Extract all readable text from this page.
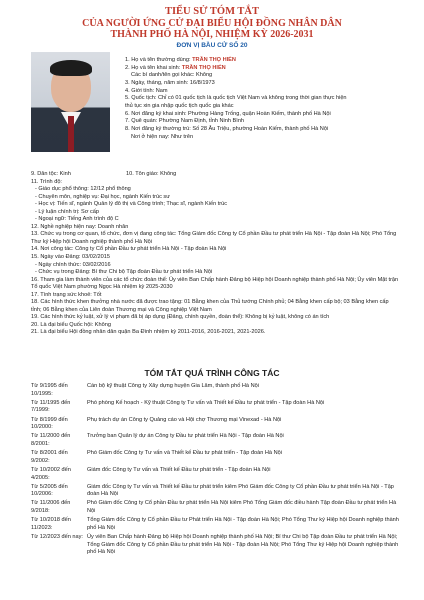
TIỂU SỬ TÓM TẮT
CỦA NGƯỜI ỨNG CỬ ĐẠI BIỂU HỘI ĐỒNG NHÂN DÂN
THÀNH PHỐ HÀ NỘI, NHIỆM KỲ 2026-2031
ĐƠN VỊ BẦU CỬ SỐ 20
1. Họ và tên thường dùng: TRẦN THỌ HIỂN
2. Họ và tên khai sinh: TRẦN THỌ HIỂN
Các bí danh/tên gọi khác: Không
3. Ngày, tháng, năm sinh: 16/8/1973
4. Giới tính: Nam
5. Quốc tịch: Chỉ có 01 quốc tịch là quốc tịch Việt Nam và không trong thời gian thực hiện
thủ tục xin gia nhập quốc tịch quốc gia khác
6. Nơi đăng ký khai sinh: Phường Hàng Trống, quận Hoàn Kiếm, thành phố Hà Nội
7. Quê quán: Phường Nam Định, tỉnh Ninh Bình
8. Nơi đăng ký thường trú: Số 28 Âu Triệu, phường Hoàn Kiếm, thành phố Hà Nội
Nơi ở hiện nay: Như trên
9. Dân tộc: Kinh	10. Tôn giáo: Không
11. Trình độ:
- Giáo dục phổ thông: 12/12 phổ thông
- Chuyên môn, nghiệp vụ: Đại học, ngành Kiến trúc sư
- Học vị: Tiến sĩ, ngành Quản lý đô thị và Công trình; Thạc sĩ, ngành Kiến trúc
- Lý luận chính trị: Sơ cấp
- Ngoại ngữ: Tiếng Anh trình độ C
12. Nghề nghiệp hiện nay: Doanh nhân
13. Chức vụ trong cơ quan, tổ chức, đơn vị đang công tác: Tổng Giám đốc Công ty Cổ phần Đầu tư phát triển Hà Nội - Tập đoàn Hà Nội; Phó Tổng Thư ký Hiệp hội Doanh nghiệp thành phố Hà Nội
14. Nơi công tác: Công ty Cổ phần Đầu tư phát triển Hà Nội - Tập đoàn Hà Nội
15. Ngày vào Đảng: 03/02/2015
- Ngày chính thức: 03/02/2016
- Chức vụ trong Đảng: Bí thư Chi bộ Tập đoàn Đầu tư phát triển Hà Nội
16. Tham gia làm thành viên của các tổ chức đoàn thể: Ủy viên Ban Chấp hành Đảng bộ Hiệp hội Doanh nghiệp thành phố Hà Nội; Ủy viên Mặt trận Tổ quốc Việt Nam phường Ngọc Hà nhiệm kỳ 2025-2030
17. Tình trạng sức khoẻ: Tốt
18. Các hình thức khen thưởng nhà nước đã được trao tặng: 01 Bằng khen của Thủ tướng Chính phủ; 04 Bằng khen cấp bộ; 03 Bằng khen cấp tỉnh; 06 Bằng khen của Liên đoàn Thương mại và Công nghiệp Việt Nam
19. Các hình thức kỷ luật, xử lý vi phạm đã bị áp dụng (Đảng, chính quyền, đoàn thể): Không bị kỷ luật, không có án tích
20. Là đại biểu Quốc hội: Không
21. Là đại biểu Hội đồng nhân dân quận Ba Đình nhiệm kỳ 2011-2016, 2016-2021, 2021-2026.
TÓM TẮT QUÁ TRÌNH CÔNG TÁC
Từ 9/1995 đến 10/1995:
Cán bộ kỹ thuật Công ty Xây dựng huyện Gia Lâm, thành phố Hà Nội
Từ 11/1995 đến 7/1999:
Phó phòng Kế hoạch - Kỹ thuật Công ty Tư vấn và Thiết kế Đầu tư phát triển - Tập đoàn Hà Nội
Từ 8/1999 đến 10/2000:
Phụ trách dự án Công ty Quảng cáo và Hội chợ Thương mại Vinexad - Hà Nội
Từ 11/2000 đến 8/2001:
Trưởng ban Quản lý dự án Công ty Đầu tư phát triển Hà Nội - Tập đoàn Hà Nội
Từ 8/2001 đến 9/2002:
Phó Giám đốc Công ty Tư vấn và Thiết kế Đầu tư phát triển - Tập đoàn Hà Nội
Từ 10/2002 đến 4/2005:
Giám đốc Công ty Tư vấn và Thiết kế Đầu tư phát triển - Tập đoàn Hà Nội
Từ 5/2005 đến 10/2006:
Giám đốc Công ty Tư vấn và Thiết kế Đầu tư phát triển kiêm Phó Giám đốc Công ty Cổ phần Đầu tư phát triển Hà Nội - Tập đoàn Hà Nội
Từ 11/2006 đến 9/2018:
Phó Giám đốc Công ty Cổ phần Đầu tư phát triển Hà Nội kiêm Phó Tổng Giám đốc điều hành Tập đoàn Đầu tư phát triển Hà Nội
Từ 10/2018 đến 11/2023:
Tổng Giám đốc Công ty Cổ phần Đầu tư Phát triển Hà Nội - Tập đoàn Hà Nội; Phó Tổng Thư ký Hiệp hội Doanh nghiệp thành phố Hà Nội
Từ 12/2023 đến nay: Ủy viên Ban Chấp hành Đảng bộ Hiệp hội Doanh nghiệp thành phố Hà Nội; Bí thư Chi bộ Tập đoàn Đầu tư phát triển Hà Nội; Tổng Giám đốc Công ty Cổ phần Đầu tư phát triển Hà Nội - Tập đoàn Hà Nội; Phó Tổng Thư ký Hiệp hội Doanh nghiệp thành phố Hà Nội
